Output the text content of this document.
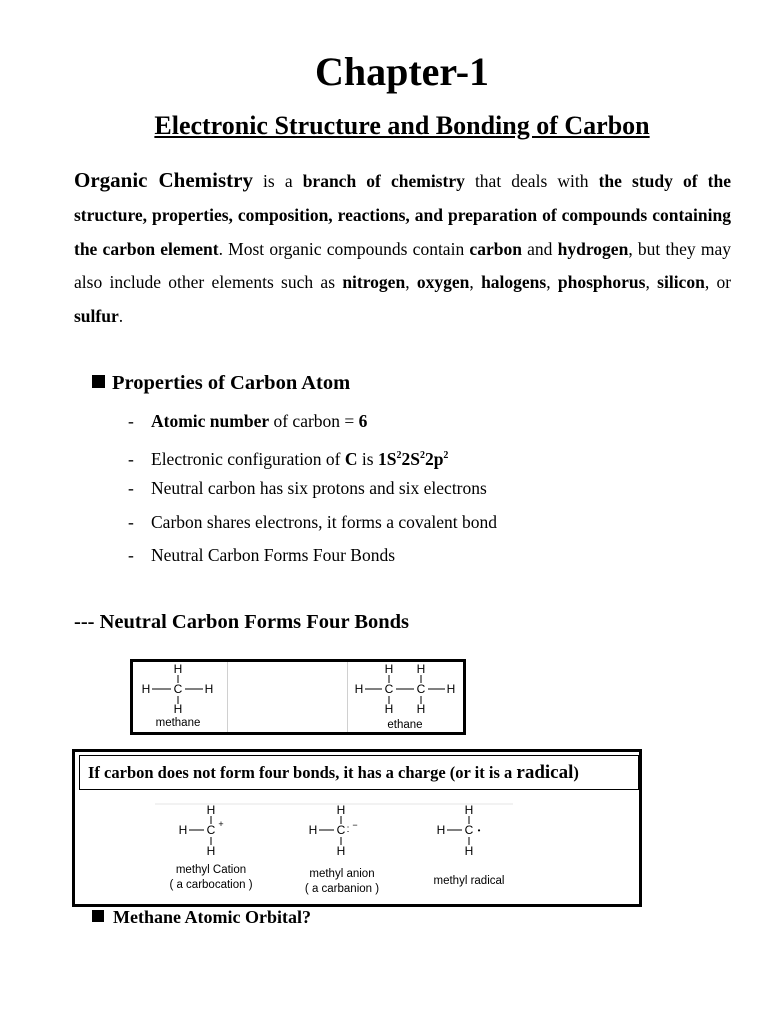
Chapter-1
Electronic Structure and Bonding of Carbon

Organic Chemistry is a branch of chemistry that deals with the study of the structure, properties, composition, reactions, and preparation of compounds containing the carbon element. Most organic compounds contain carbon and hydrogen, but they may also include other elements such as nitrogen, oxygen, halogens, phosphorus, silicon, or sulfur.

Properties of Carbon Atom
- Atomic number of carbon = 6
- Electronic configuration of C is $1S^22S^22p^2$
- Neutral carbon has six protons and six electrons
- Carbon shares electrons, it forms a covalent bond
- Neutral Carbon Forms Four Bonds
--- Neutral Carbon Forms Four Bonds
H
H C H
H
methane
H H
H C C H
H H
ethane
If carbon does not form four bonds, it has a charge (or it is a radical)
H
H C +
H
methyl Cation
( a carbocation )
H
H C : −
H
methyl anion
( a carbanion )
H
H C •
H
methyl radical
Methane Atomic Orbital?
